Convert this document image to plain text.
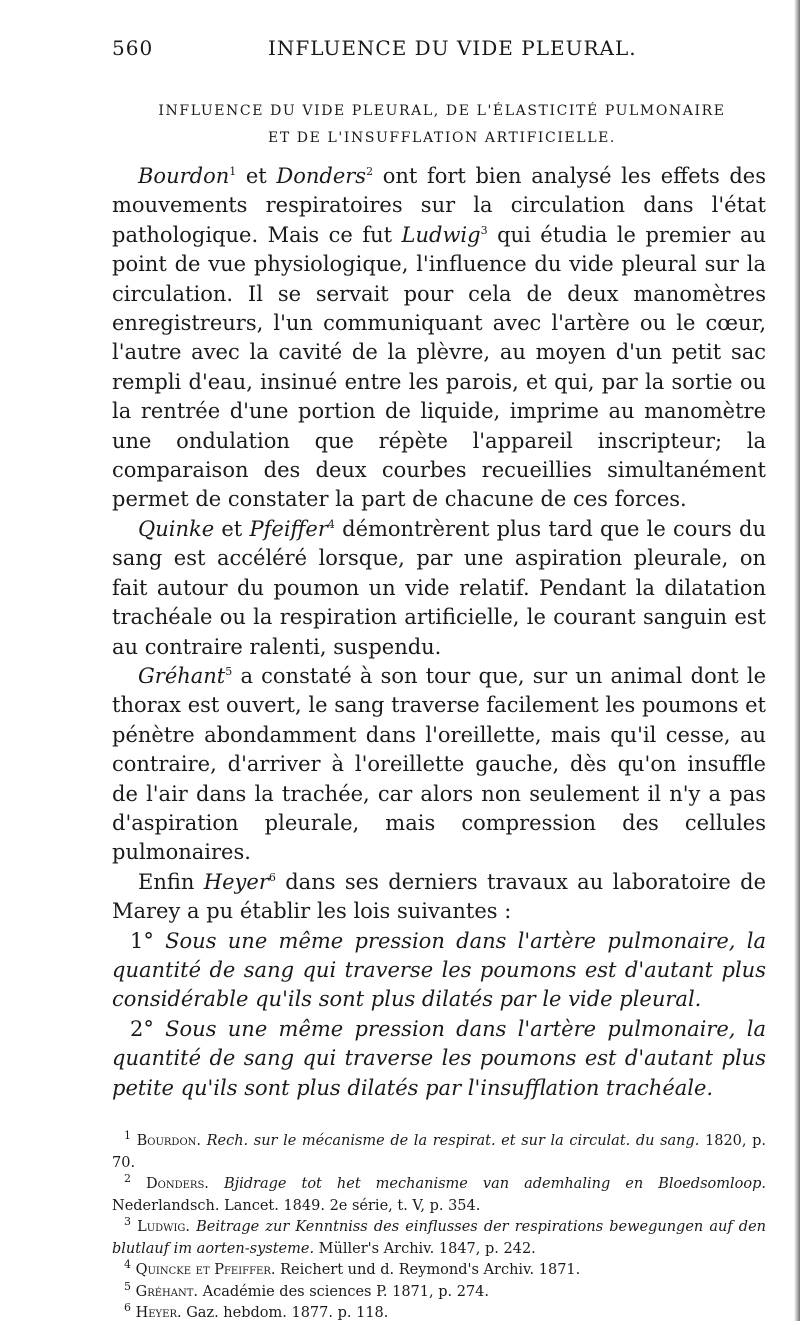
560	INFLUENCE DU VIDE PLEURAL.
INFLUENCE DU VIDE PLEURAL, DE L'ÉLASTICITÉ PULMONAIRE
ET DE L'INSUFFLATION ARTIFICIELLE.

Bourdon$^1$ et Donders$^2$ ont fort bien analysé les effets des mouvements respiratoires sur la circulation dans l'état pathologique. Mais ce fut Ludwig$^3$ qui étudia le premier au point de vue physiologique, l'influence du vide pleural sur la circulation. Il se servait pour cela de deux manomètres enregistreurs, l'un communiquant avec l'artère ou le cœur, l'autre avec la cavité de la plèvre, au moyen d'un petit sac rempli d'eau, insinué entre les parois, et qui, par la sortie ou la rentrée d'une portion de liquide, imprime au manomètre une ondulation que répète l'appareil inscripteur; la comparaison des deux courbes recueillies simultanément permet de constater la part de chacune de ces forces.

Quinke et Pfeiffer$^4$ démontrèrent plus tard que le cours du sang est accéléré lorsque, par une aspiration pleurale, on fait autour du poumon un vide relatif. Pendant la dilatation trachéale ou la respiration artificielle, le courant sanguin est au contraire ralenti, suspendu.

Gréhant$^5$ a constaté à son tour que, sur un animal dont le thorax est ouvert, le sang traverse facilement les poumons et pénètre abondamment dans l'oreillette, mais qu'il cesse, au contraire, d'arriver à l'oreillette gauche, dès qu'on insuffle de l'air dans la trachée, car alors non seulement il n'y a pas d'aspiration pleurale, mais compression des cellules pulmonaires.

Enfin Heyer$^6$ dans ses derniers travaux au laboratoire de Marey a pu établir les lois suivantes :

1° Sous une même pression dans l'artère pulmonaire, la quantité de sang qui traverse les poumons est d'autant plus considérable qu'ils sont plus dilatés par le vide pleural.

2° Sous une même pression dans l'artère pulmonaire, la quantité de sang qui traverse les poumons est d'autant plus petite qu'ils sont plus dilatés par l'insufflation trachéale.

$^1$ Bourdon. Rech. sur le mécanisme de la respirat. et sur la circulat. du sang. 1820, p. 70.

$^2$ Donders. Bjidrage tot het mechanisme van ademhaling en Bloedsomloop. Nederlandsch. Lancet. 1849. 2e série, t. V, p. 354.

$^3$ Ludwig. Beitrage zur Kenntniss des einflusses der respirations bewegungen auf den blutlauf im aorten-systeme. Müller's Archiv. 1847, p. 242.

$^4$ Quincke et Pfeiffer. Reichert und d. Reymond's Archiv. 1871.

$^5$ Gréhant. Académie des sciences P. 1871, p. 274.

$^6$ Heyer. Gaz. hebdom. 1877. p. 118.
